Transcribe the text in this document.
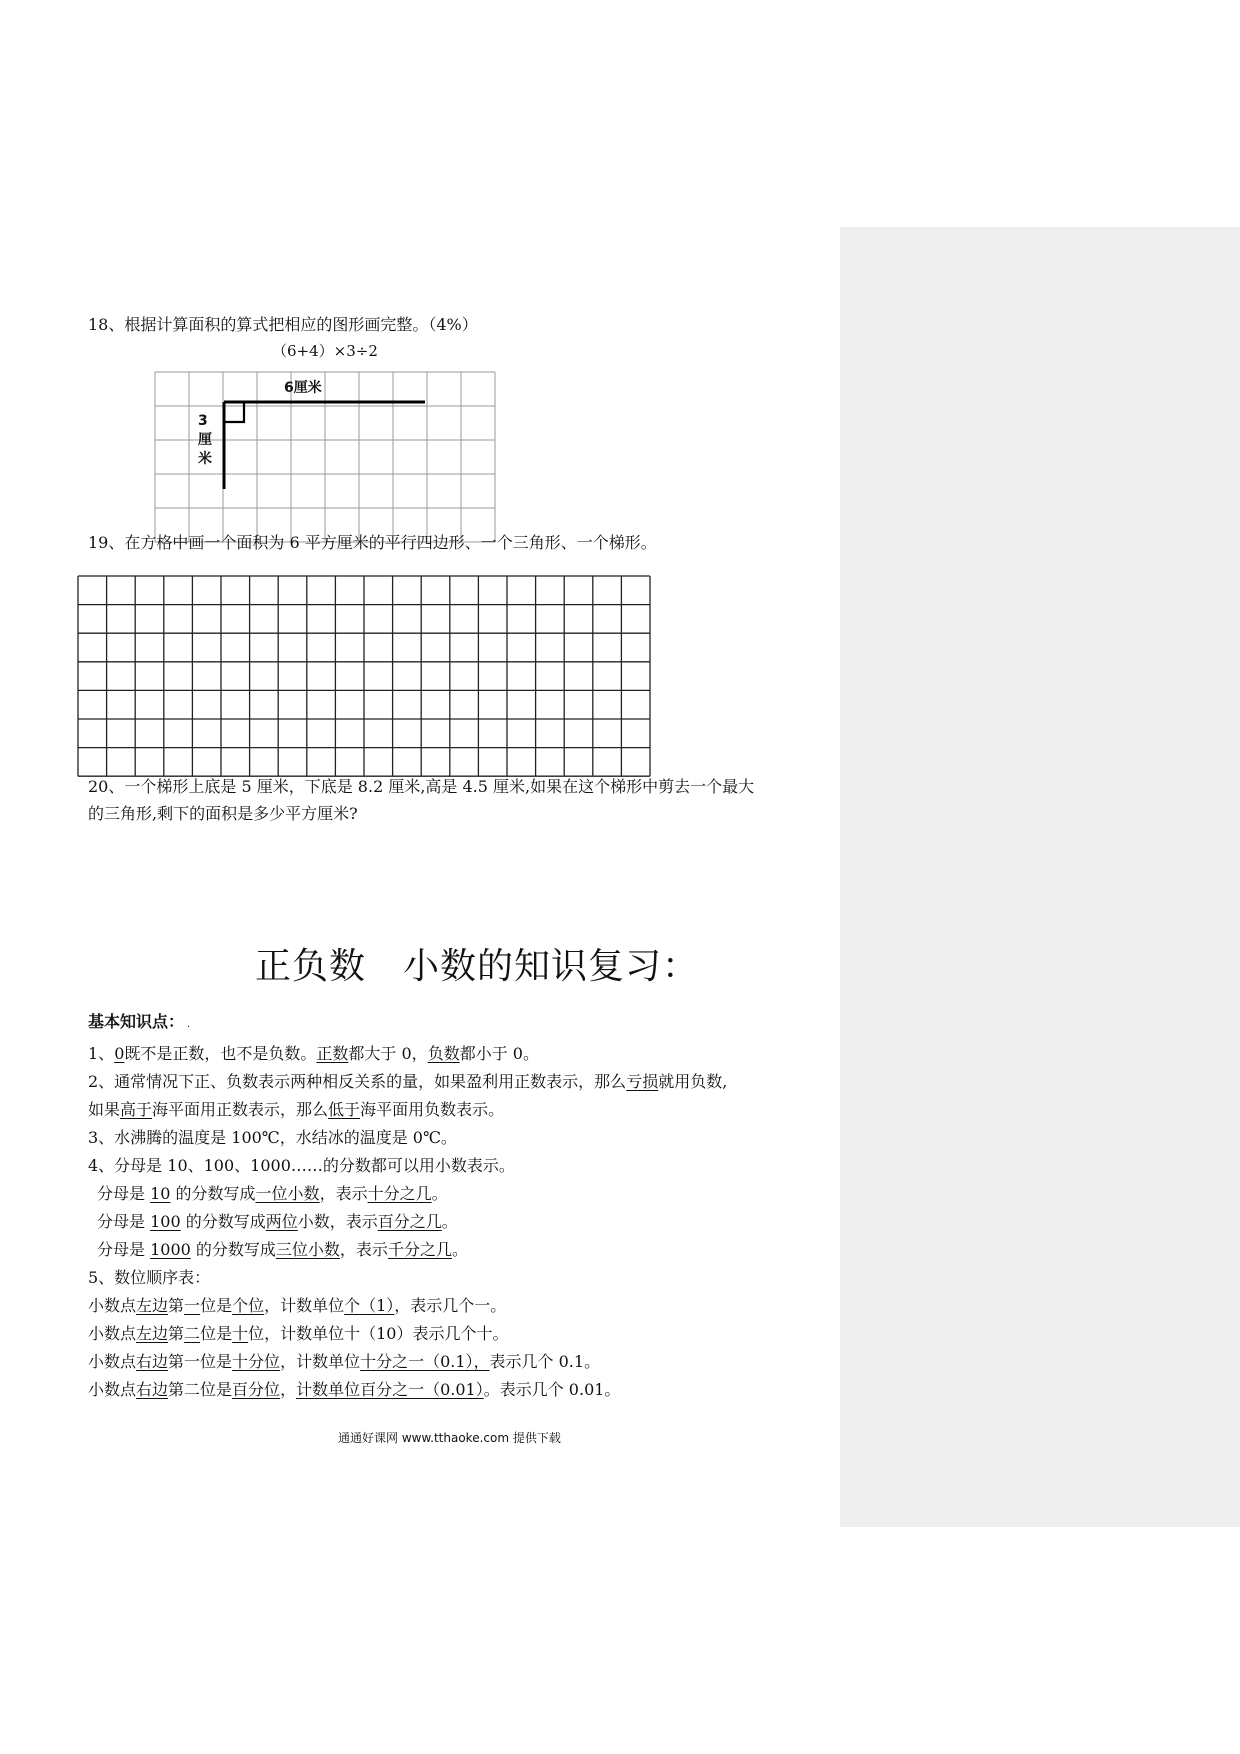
18、根据计算面积的算式把相应的图形画完整。（4%）
（6+4）×3÷2
6厘米
3
厘
米
19、在方格中画一个面积为 6 平方厘米的平行四边形、一个三角形、一个梯形。
20、一个梯形上底是 5 厘米，下底是 8.2 厘米,高是 4.5 厘米,如果在这个梯形中剪去一个最大
的三角形,剩下的面积是多少平方厘米?
正负数　小数的知识复习：
基本知识点： .
1、0既不是正数，也不是负数。正数都大于 0，负数都小于 0。
2、通常情况下正、负数表示两种相反关系的量，如果盈利用正数表示，那么亏损就用负数,
如果高于海平面用正数表示，那么低于海平面用负数表示。
3、水沸腾的温度是 100℃，水结冰的温度是 0℃。
4、分母是 10、100、1000……的分数都可以用小数表示。
分母是 10 的分数写成一位小数，表示十分之几。
分母是 100 的分数写成两位小数，表示百分之几。
分母是 1000 的分数写成三位小数，表示千分之几。
5、数位顺序表：
小数点左边第一位是个位，计数单位个（1），表示几个一。
小数点左边第二位是十位，计数单位十（10）表示几个十。
小数点右边第一位是十分位，计数单位十分之一（0.1），表示几个 0.1。
小数点右边第二位是百分位，计数单位百分之一（0.01）。表示几个 0.01。
通通好课网 www.tthaoke.com 提供下载
